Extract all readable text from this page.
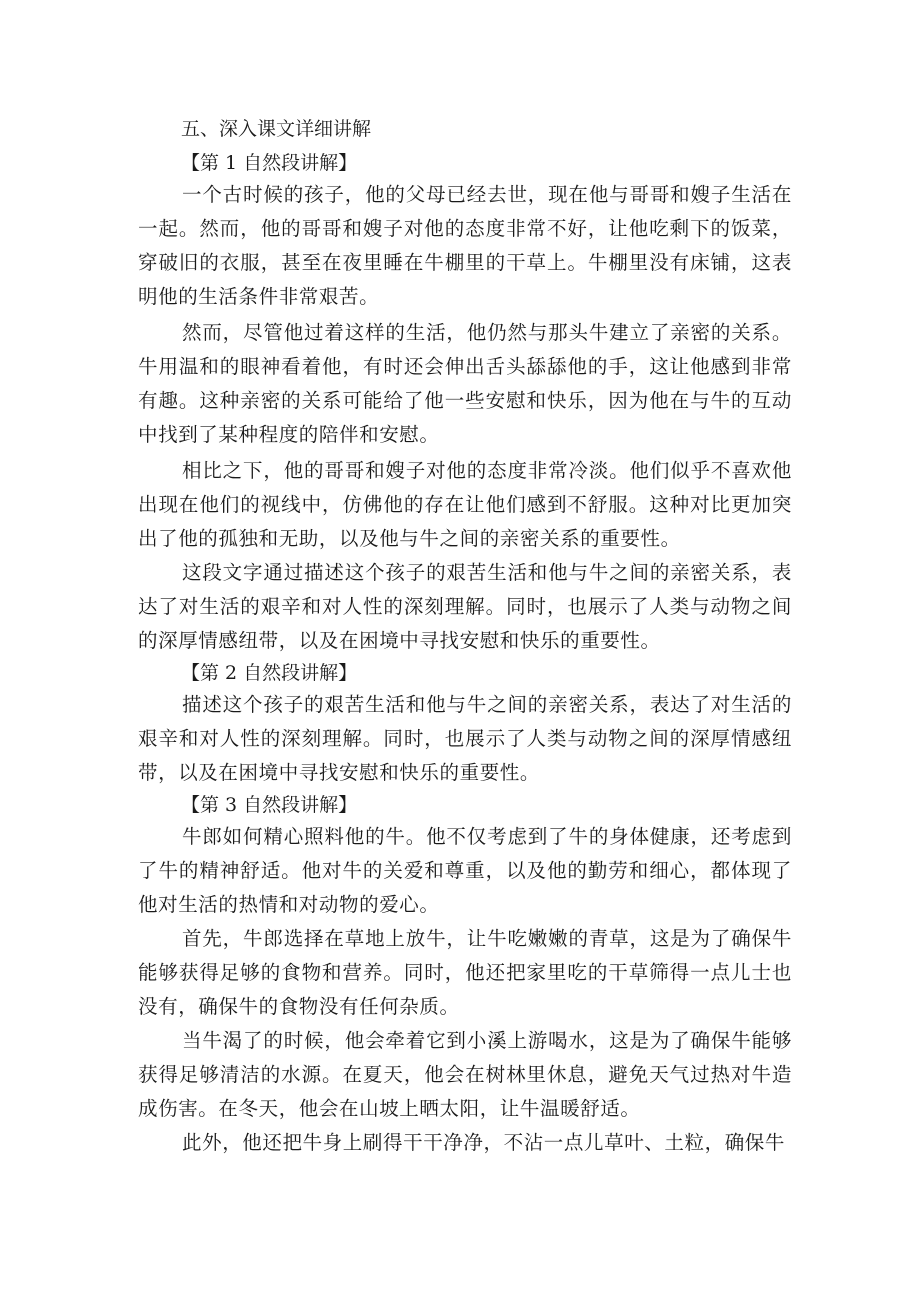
五、深入课文详细讲解
【第 1 自然段讲解】

一个古时候的孩子，他的父母已经去世，现在他与哥哥和嫂子生活在一起。然而，他的哥哥和嫂子对他的态度非常不好，让他吃剩下的饭菜，穿破旧的衣服，甚至在夜里睡在牛棚里的干草上。牛棚里没有床铺，这表明他的生活条件非常艰苦。

然而，尽管他过着这样的生活，他仍然与那头牛建立了亲密的关系。牛用温和的眼神看着他，有时还会伸出舌头舔舔他的手，这让他感到非常有趣。这种亲密的关系可能给了他一些安慰和快乐，因为他在与牛的互动中找到了某种程度的陪伴和安慰。

相比之下，他的哥哥和嫂子对他的态度非常冷淡。他们似乎不喜欢他出现在他们的视线中，仿佛他的存在让他们感到不舒服。这种对比更加突出了他的孤独和无助，以及他与牛之间的亲密关系的重要性。

这段文字通过描述这个孩子的艰苦生活和他与牛之间的亲密关系，表达了对生活的艰辛和对人性的深刻理解。同时，也展示了人类与动物之间的深厚情感纽带，以及在困境中寻找安慰和快乐的重要性。

【第 2 自然段讲解】

描述这个孩子的艰苦生活和他与牛之间的亲密关系，表达了对生活的艰辛和对人性的深刻理解。同时，也展示了人类与动物之间的深厚情感纽带，以及在困境中寻找安慰和快乐的重要性。

【第 3 自然段讲解】

牛郎如何精心照料他的牛。他不仅考虑到了牛的身体健康，还考虑到了牛的精神舒适。他对牛的关爱和尊重，以及他的勤劳和细心，都体现了他对生活的热情和对动物的爱心。

首先，牛郎选择在草地上放牛，让牛吃嫩嫩的青草，这是为了确保牛能够获得足够的食物和营养。同时，他还把家里吃的干草筛得一点儿士也没有，确保牛的食物没有任何杂质。

当牛渴了的时候，他会牵着它到小溪上游喝水，这是为了确保牛能够获得足够清洁的水源。在夏天，他会在树林里休息，避免天气过热对牛造成伤害。在冬天，他会在山坡上晒太阳，让牛温暖舒适。

此外，他还把牛身上刷得干干净净，不沾一点儿草叶、土粒，确保牛
